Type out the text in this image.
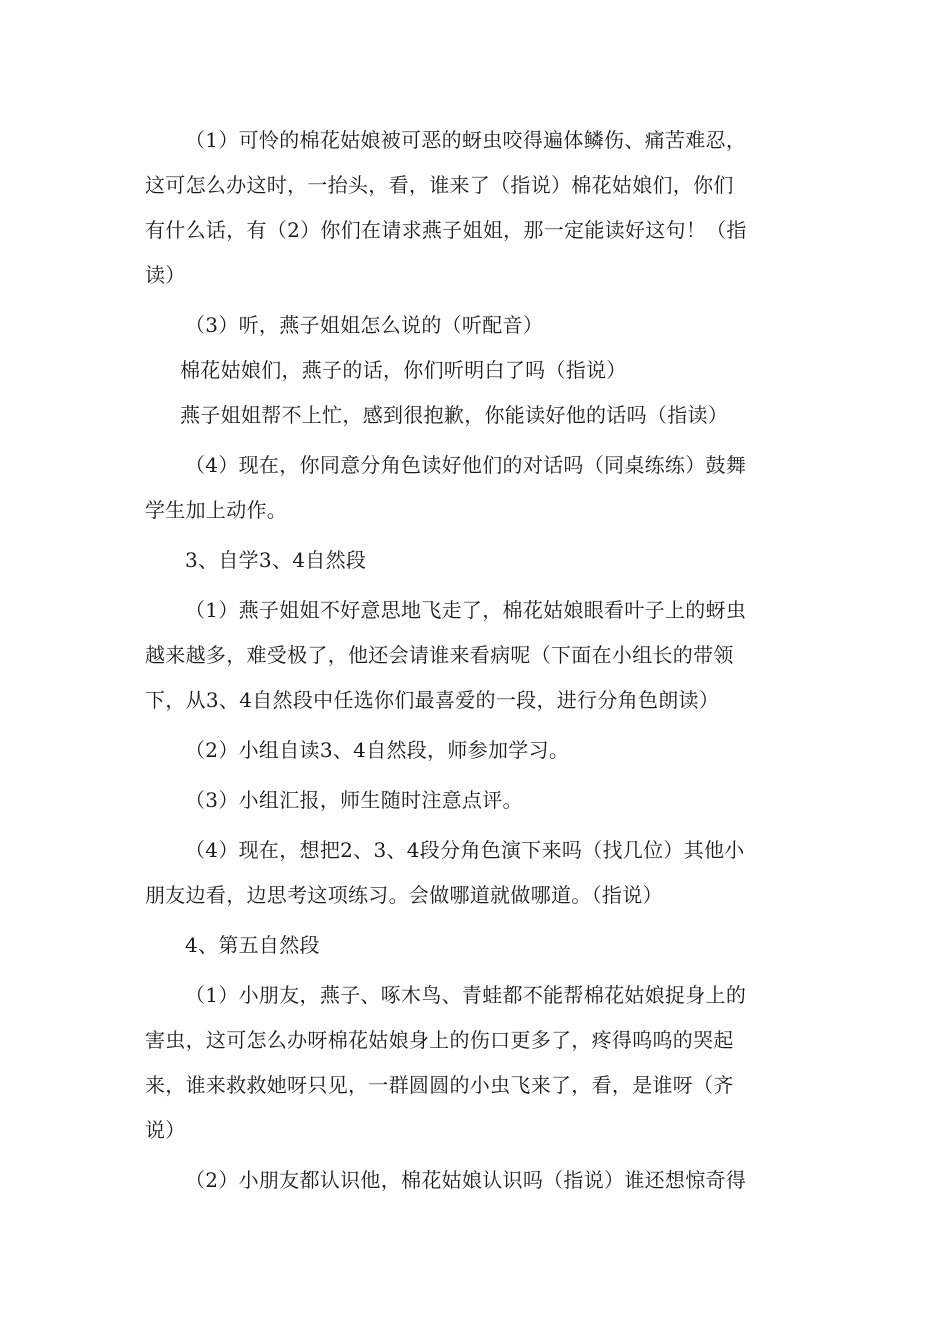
（1）可怜的棉花姑娘被可恶的蚜虫咬得遍体鳞伤、痛苦难忍，
这可怎么办这时，一抬头，看，谁来了（指说）棉花姑娘们，你们
有什么话，有（2）你们在请求燕子姐姐，那一定能读好这句！（指
读）

（3）听，燕子姐姐怎么说的（听配音）

棉花姑娘们，燕子的话，你们听明白了吗（指说）

燕子姐姐帮不上忙，感到很抱歉，你能读好他的话吗（指读）

（4）现在，你同意分角色读好他们的对话吗（同桌练练）鼓舞
学生加上动作。

3、自学3、4自然段

（1）燕子姐姐不好意思地飞走了，棉花姑娘眼看叶子上的蚜虫
越来越多，难受极了，他还会请谁来看病呢（下面在小组长的带领
下，从3、4自然段中任选你们最喜爱的一段，进行分角色朗读）

（2）小组自读3、4自然段，师参加学习。

（3）小组汇报，师生随时注意点评。

（4）现在，想把2、3、4段分角色演下来吗（找几位）其他小
朋友边看，边思考这项练习。会做哪道就做哪道。（指说）

4、第五自然段

（1）小朋友，燕子、啄木鸟、青蛙都不能帮棉花姑娘捉身上的
害虫，这可怎么办呀棉花姑娘身上的伤口更多了，疼得呜呜的哭起
来，谁来救救她呀只见，一群圆圆的小虫飞来了，看，是谁呀（齐
说）

（2）小朋友都认识他，棉花姑娘认识吗（指说）谁还想惊奇得
